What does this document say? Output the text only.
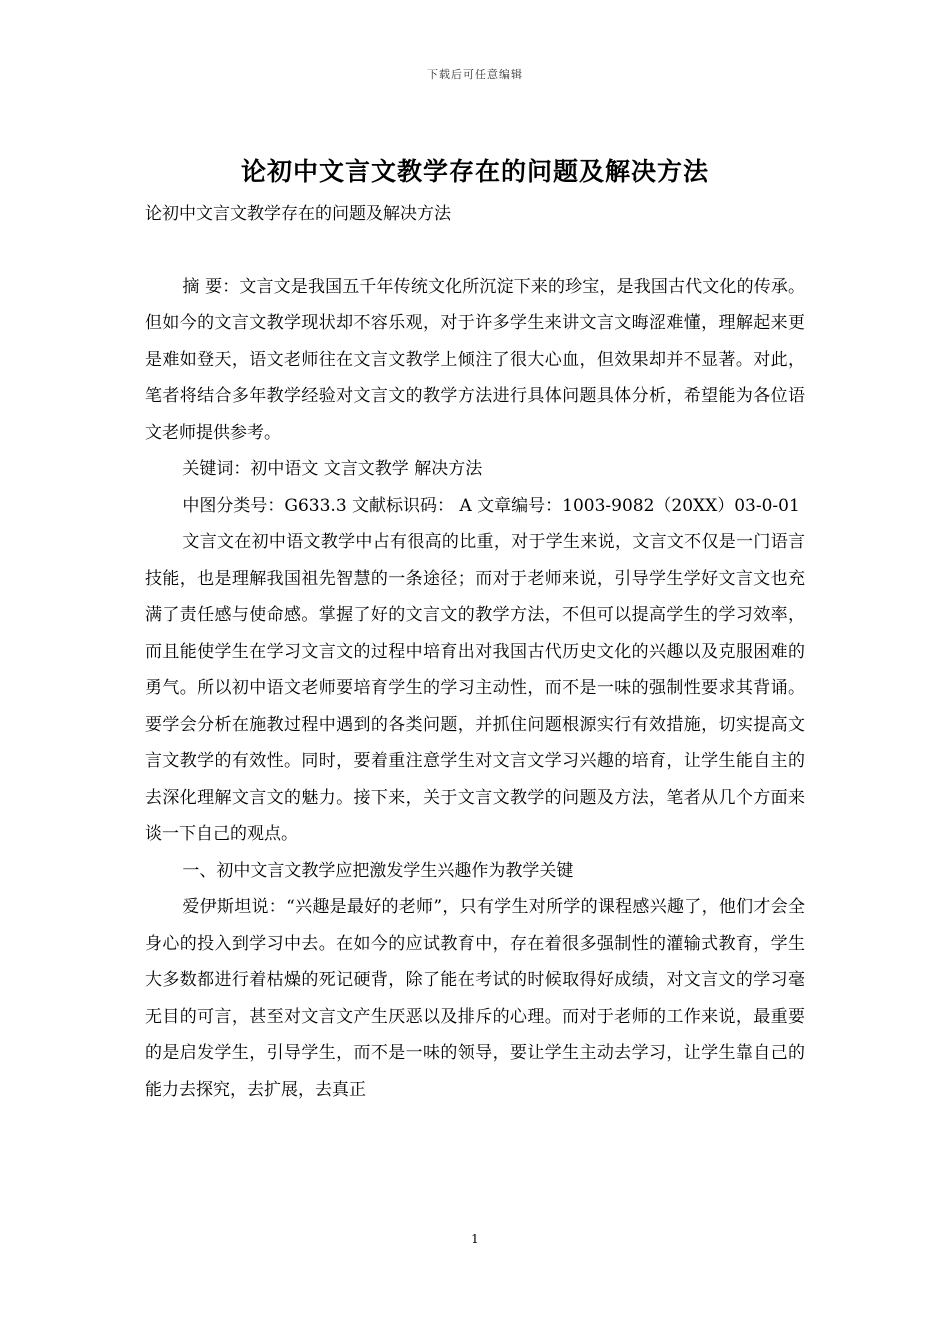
下载后可任意编辑
论初中文言文教学存在的问题及解决方法

论初中文言文教学存在的问题及解决方法

摘 要：文言文是我国五千年传统文化所沉淀下来的珍宝，是我国古代文化的传承。但如今的文言文教学现状却不容乐观，对于许多学生来讲文言文晦涩难懂，理解起来更是难如登天，语文老师往在文言文教学上倾注了很大心血，但效果却并不显著。对此，笔者将结合多年教学经验对文言文的教学方法进行具体问题具体分析，希望能为各位语文老师提供参考。

关键词：初中语文 文言文教学 解决方法

中图分类号：G633.3 文献标识码： A 文章编号：1003-9082（20XX）03-0-01

文言文在初中语文教学中占有很高的比重，对于学生来说，文言文不仅是一门语言技能，也是理解我国祖先智慧的一条途径；而对于老师来说，引导学生学好文言文也充满了责任感与使命感。掌握了好的文言文的教学方法，不但可以提高学生的学习效率，而且能使学生在学习文言文的过程中培育出对我国古代历史文化的兴趣以及克服困难的勇气。所以初中语文老师要培育学生的学习主动性，而不是一味的强制性要求其背诵。要学会分析在施教过程中遇到的各类问题，并抓住问题根源实行有效措施，切实提高文言文教学的有效性。同时，要着重注意学生对文言文学习兴趣的培育，让学生能自主的去深化理解文言文的魅力。接下来，关于文言文教学的问题及方法，笔者从几个方面来谈一下自己的观点。

一、初中文言文教学应把激发学生兴趣作为教学关键

爱伊斯坦说：“兴趣是最好的老师”，只有学生对所学的课程感兴趣了，他们才会全身心的投入到学习中去。在如今的应试教育中，存在着很多强制性的灌输式教育，学生大多数都进行着枯燥的死记硬背，除了能在考试的时候取得好成绩，对文言文的学习毫无目的可言，甚至对文言文产生厌恶以及排斥的心理。而对于老师的工作来说，最重要的是启发学生，引导学生，而不是一味的领导，要让学生主动去学习，让学生靠自己的能力去探究，去扩展，去真正

1
